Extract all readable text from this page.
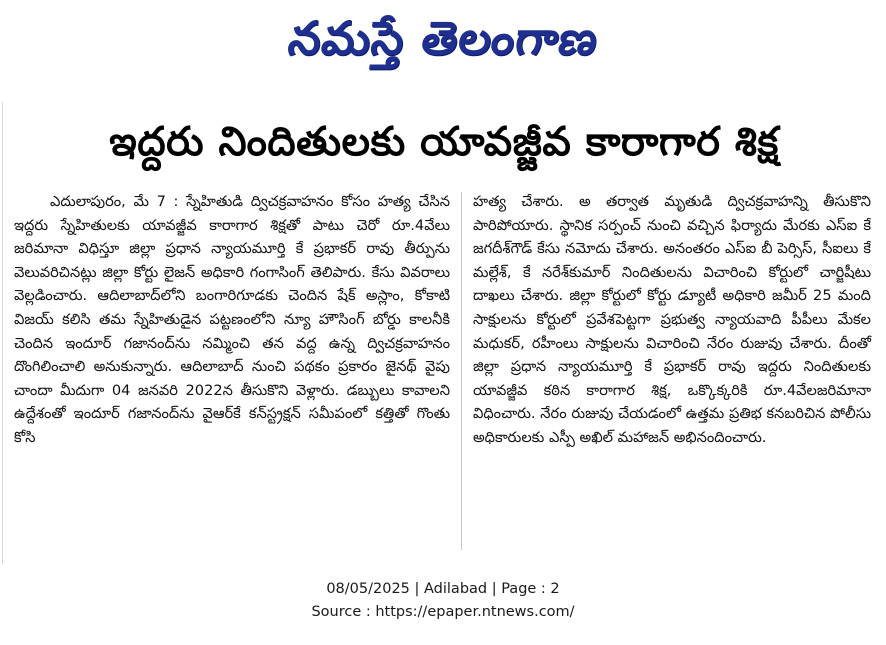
నమస్తే తెలంగాణ
ఇద్దరు నిందితులకు యావజ్జీవ కారాగార శిక్ష

ఎదులాపురం, మే 7 : స్నేహితుడి ద్విచక్రవాహనం కోసం హత్య చేసిన ఇద్దరు స్నేహితులకు యావజ్జీవ కారాగార శిక్షతో పాటు చెరో రూ.4వేలు జరిమానా విధిస్తూ జిల్లా ప్రధాన న్యాయమూర్తి కే ప్రభాకర్ రావు తీర్పును వెలువరిచినట్లు జిల్లా కోర్టు లైజన్ అధికారి గంగాసింగ్ తెలిపారు. కేసు వివరాలు వెల్లడించారు. ఆదిలాబాద్‌లోని బంగారిగూడకు చెందిన షేక్ అస్లాం, కోకాటి విజయ్ కలిసి తమ స్నేహితుడైన పట్టణంలోని న్యూ హౌసింగ్ బోర్డు కాలనీకి చెందిన ఇందూర్ గజానంద్‌ను నమ్మించి తన వద్ద ఉన్న ద్విచక్రవాహనం దొంగిలించాలి అనుకున్నారు. ఆదిలాబాద్ నుంచి పథకం ప్రకారం జైనథ్ వైపు చాందా మీదుగా 04 జనవరి 2022న తీసుకొని వెళ్లారు. డబ్బులు కావాలని ఉద్దేశంతో ఇందూర్ గజానంద్‌ను వైఆర్‌కే కన్‌స్ట్రక్షన్ సమీపంలో కత్తితో గొంతు కోసి

హత్య చేశారు. అ తర్వాత మృతుడి ద్విచక్రవాహన్ని తీసుకొని పారిపోయారు. స్థానిక సర్పంచ్ నుంచి వచ్చిన ఫిర్యాదు మేరకు ఎస్ఐ కే జగదీశ్‌గౌడ్ కేసు నమోదు చేశారు. అనంతరం ఎస్ఐ బీ పెర్సిస్, సీఐలు కే మల్లేశ్, కే నరేశ్‌కుమార్ నిందితులను విచారించి కోర్టులో చార్జిషీటు దాఖలు చేశారు. జిల్లా కోర్టులో కోర్టు డ్యూటీ అధికారి జమీర్ 25 మంది సాక్షులను కోర్టులో ప్రవేశపెట్టగా ప్రభుత్వ న్యాయవాది పీపీలు మేకల మధుకర్, రహీంలు సాక్షులను విచారించి నేరం రుజువు చేశారు. దీంతో జిల్లా ప్రధాన న్యాయమూర్తి కే ప్రభాకర్ రావు ఇద్దరు నిందితులకు యావజ్జీవ కఠిన కారాగార శిక్ష, ఒక్కొక్కరికి రూ.4వేలజరిమానా విధించారు. నేరం రుజువు చేయడంలో ఉత్తమ ప్రతిభ కనబరిచిన పోలీసు అధికారులకు ఎస్పీ అఖిల్ మహాజన్ అభినందించారు.

08/05/2025 | Adilabad | Page : 2
Source : https://epaper.ntnews.com/
